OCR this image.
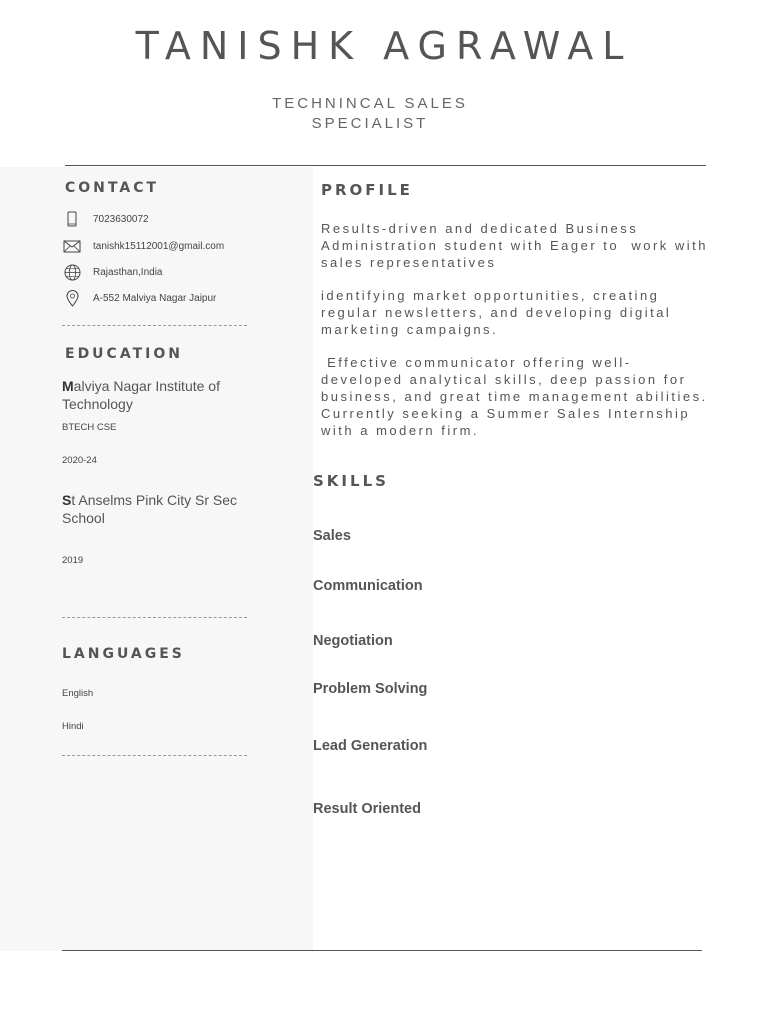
TANISHK AGRAWAL
TECHNINCAL SALES
SPECIALIST
CONTACT
7023630072
tanishk15112001@gmail.com
Rajasthan,India
A-552 Malviya Nagar Jaipur
EDUCATION
Malviya Nagar Institute of Technology
BTECH CSE
2020-24
St Anselms Pink City Sr Sec School
2019
LANGUAGES
English
Hindi
PROFILE
Results-driven and dedicated Business Administration student with Eager to  work with sales representatives
identifying market opportunities, creating regular newsletters, and developing digital marketing campaigns.
Effective communicator offering well-developed analytical skills, deep passion for business, and great time management abilities. Currently seeking a Summer Sales Internship with a modern firm.
SKILLS
Sales
Communication
Negotiation
Problem Solving
Lead Generation
Result Oriented
